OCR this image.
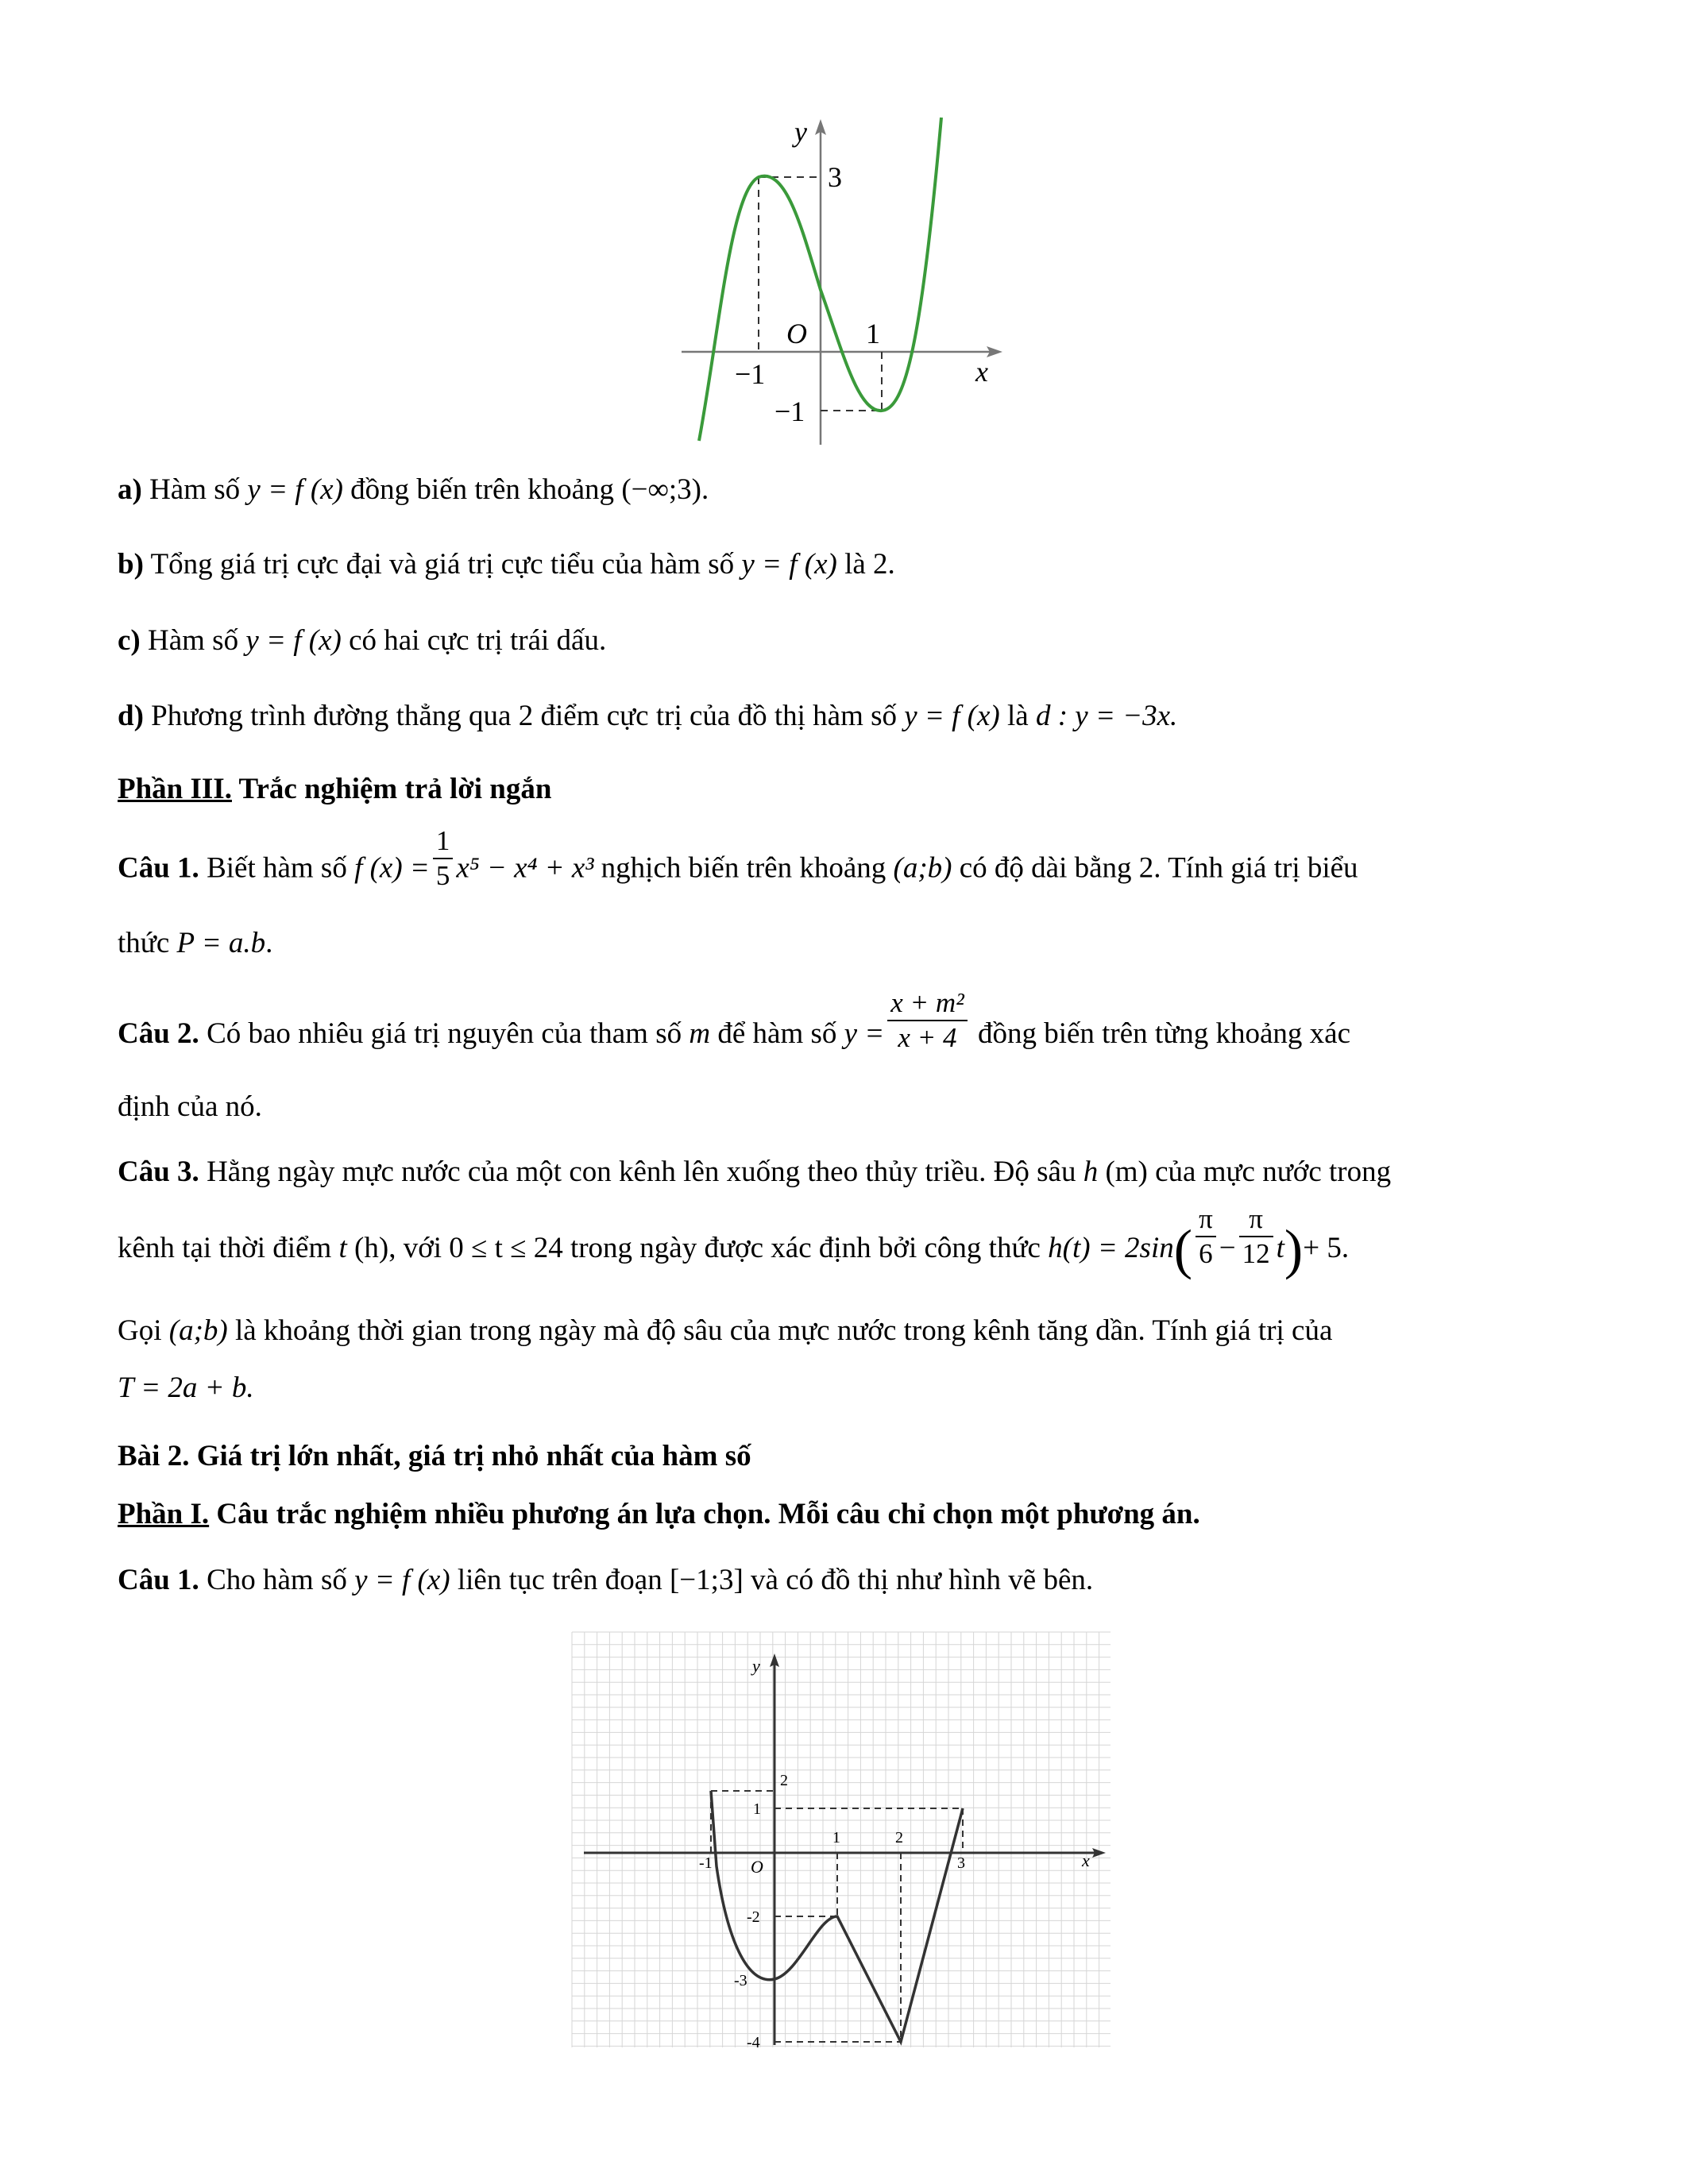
y
x
O
3
1
−1
−1
a) Hàm số y = f (x) đồng biến trên khoảng (−∞;3).
b) Tổng giá trị cực đại và giá trị cực tiểu của hàm số y = f (x) là 2.
c) Hàm số y = f (x) có hai cực trị trái dấu.
d) Phương trình đường thẳng qua 2 điểm cực trị của đồ thị hàm số y = f (x) là d : y = −3x.
Phần III. Trắc nghiệm trả lời ngắn
Câu 1. Biết hàm số f $(x) = \frac{1}{5} x^5 - x^4 + x^3$ nghịch biến trên khoảng (a;b) có độ dài bằng 2. Tính giá trị biểu
thức P = a.b.
Câu 2. Có bao nhiêu giá trị nguyên của tham số m để hàm số $y = \frac{\text{x + m²}}{x + 4}$ đồng biến trên từng khoảng xác
định của nó.
Câu 3. Hằng ngày mực nước của một con kênh lên xuống theo thủy triều. Độ sâu h (m) của mực nước trong
kênh tại thời điểm t (h), với 0 ≤ t ≤ 24 trong ngày được xác định bởi công thức $h(t) = 2\sin( \frac{\pi}{6} - \frac{\pi}{12} t)+ 5$.
Gọi (a;b) là khoảng thời gian trong ngày mà độ sâu của mực nước trong kênh tăng dần. Tính giá trị của
T = 2a + b.
Bài 2. Giá trị lớn nhất, giá trị nhỏ nhất của hàm số
Phần I. Câu trắc nghiệm nhiều phương án lựa chọn. Mỗi câu chỉ chọn một phương án.
Câu 1. Cho hàm số y = f (x) liên tục trên đoạn [−1;3] và có đồ thị như hình vẽ bên.
y
x
O
-1
1	2
3
2
1
-2
-3
-4
